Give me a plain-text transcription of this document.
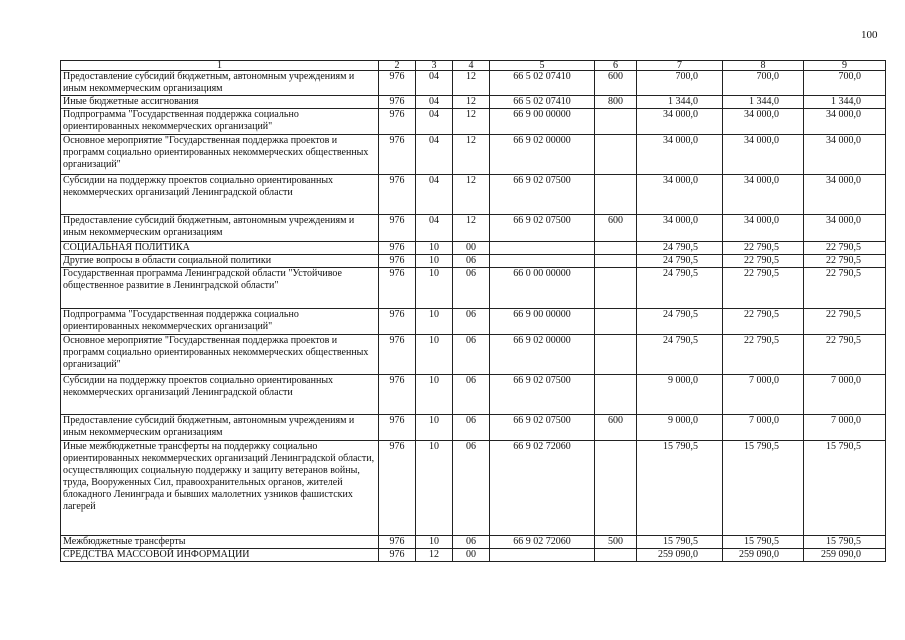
100
1	2	3	4	5	6	7	8	9
Предоставление субсидий бюджетным, автономным учреждениям и иным некоммерческим организациям	976	04	12	66 5 02 07410	600	700,0	700,0	700,0
Иные бюджетные ассигнования	976	04	12	66 5 02 07410	800	1 344,0	1 344,0	1 344,0
Подпрограмма "Государственная поддержка социально ориентированных некоммерческих организаций"	976	04	12	66 9 00 00000		34 000,0	34 000,0	34 000,0
Основное мероприятие "Государственная поддержка проектов и программ социально ориентированных некоммерческих общественных организаций"	976	04	12	66 9 02 00000		34 000,0	34 000,0	34 000,0
Субсидии на поддержку проектов социально ориентированных некоммерческих организаций Ленинградской области	976	04	12	66 9 02 07500		34 000,0	34 000,0	34 000,0
Предоставление субсидий бюджетным, автономным учреждениям и иным некоммерческим организациям	976	04	12	66 9 02 07500	600	34 000,0	34 000,0	34 000,0
СОЦИАЛЬНАЯ ПОЛИТИКА	976	10	00			24 790,5	22 790,5	22 790,5
Другие вопросы в области социальной политики	976	10	06			24 790,5	22 790,5	22 790,5
Государственная программа Ленинградской области "Устойчивое общественное развитие в Ленинградской области"	976	10	06	66 0 00 00000		24 790,5	22 790,5	22 790,5
Подпрограмма "Государственная поддержка социально ориентированных некоммерческих организаций"	976	10	06	66 9 00 00000		24 790,5	22 790,5	22 790,5
Основное мероприятие "Государственная поддержка проектов и программ социально ориентированных некоммерческих общественных организаций"	976	10	06	66 9 02 00000		24 790,5	22 790,5	22 790,5
Субсидии на поддержку проектов социально ориентированных некоммерческих организаций Ленинградской области	976	10	06	66 9 02 07500		9 000,0	7 000,0	7 000,0
Предоставление субсидий бюджетным, автономным учреждениям и иным некоммерческим организациям	976	10	06	66 9 02 07500	600	9 000,0	7 000,0	7 000,0
Иные межбюджетные трансферты на поддержку социально ориентированных некоммерческих организаций Ленинградской области, осуществляющих социальную поддержку и защиту ветеранов войны, труда, Вооруженных Сил, правоохранительных органов, жителей блокадного Ленинграда и бывших малолетних узников фашистских лагерей	976	10	06	66 9 02 72060		15 790,5	15 790,5	15 790,5
Межбюджетные трансферты	976	10	06	66 9 02 72060	500	15 790,5	15 790,5	15 790,5
СРЕДСТВА МАССОВОЙ ИНФОРМАЦИИ	976	12	00			259 090,0	259 090,0	259 090,0
